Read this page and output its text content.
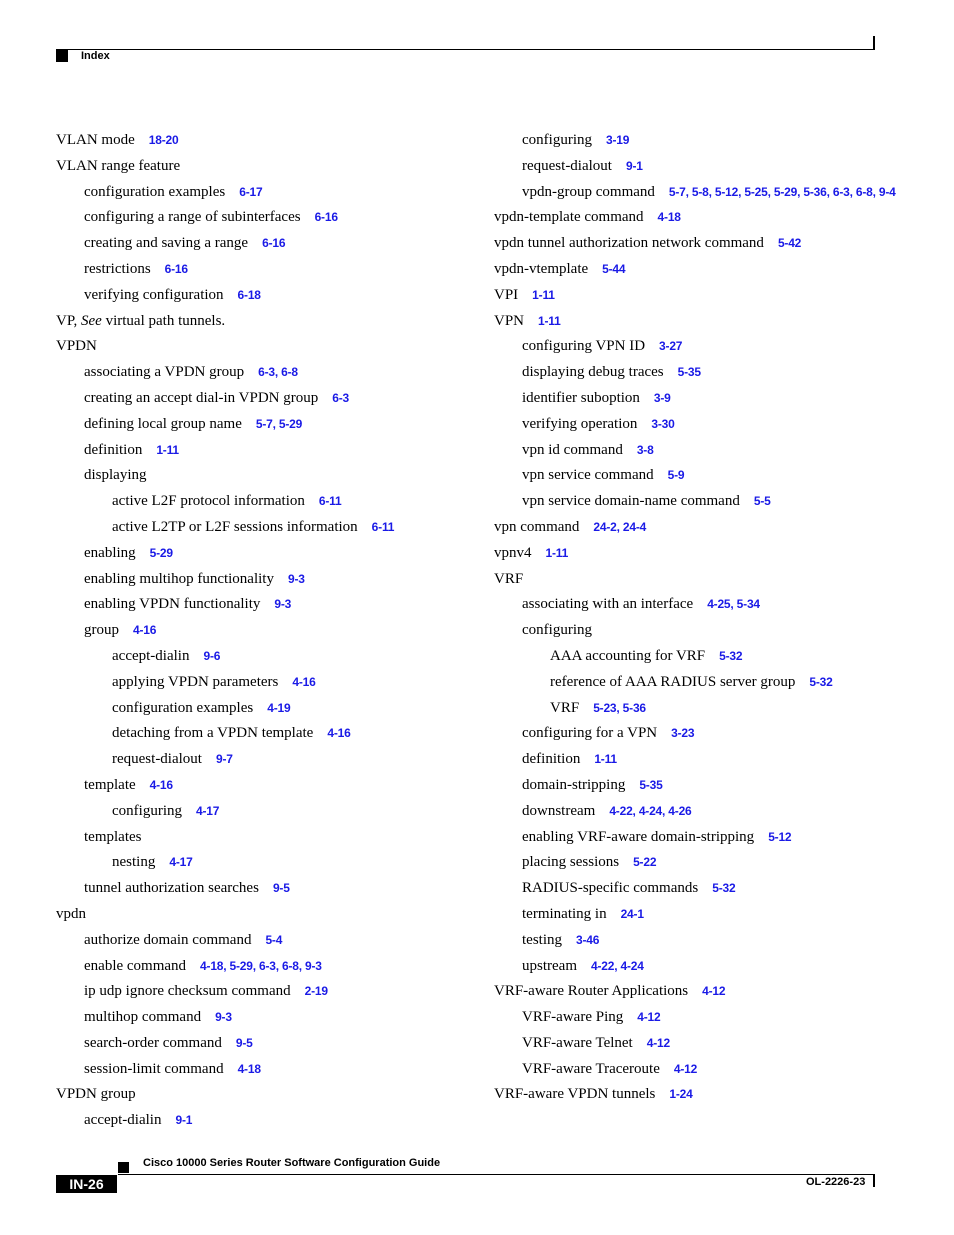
Index
VLAN mode 18-20
VLAN range feature
configuration examples 6-17
configuring a range of subinterfaces 6-16
creating and saving a range 6-16
restrictions 6-16
verifying configuration 6-18
VP, See virtual path tunnels.
VPDN
associating a VPDN group 6-3, 6-8
creating an accept dial-in VPDN group 6-3
defining local group name 5-7, 5-29
definition 1-11
displaying
active L2F protocol information 6-11
active L2TP or L2F sessions information 6-11
enabling 5-29
enabling multihop functionality 9-3
enabling VPDN functionality 9-3
group 4-16
accept-dialin 9-6
applying VPDN parameters 4-16
configuration examples 4-19
detaching from a VPDN template 4-16
request-dialout 9-7
template 4-16
configuring 4-17
templates
nesting 4-17
tunnel authorization searches 9-5
vpdn
authorize domain command 5-4
enable command 4-18, 5-29, 6-3, 6-8, 9-3
ip udp ignore checksum command 2-19
multihop command 9-3
search-order command 9-5
session-limit command 4-18
VPDN group
accept-dialin 9-1
configuring 3-19
request-dialout 9-1
vpdn-group command 5-7, 5-8, 5-12, 5-25, 5-29, 5-36, 6-3, 6-8, 9-4
vpdn-template command 4-18
vpdn tunnel authorization network command 5-42
vpdn-vtemplate 5-44
VPI 1-11
VPN 1-11
configuring VPN ID 3-27
displaying debug traces 5-35
identifier suboption 3-9
verifying operation 3-30
vpn id command 3-8
vpn service command 5-9
vpn service domain-name command 5-5
vpn command 24-2, 24-4
vpnv4 1-11
VRF
associating with an interface 4-25, 5-34
configuring
AAA accounting for VRF 5-32
reference of AAA RADIUS server group 5-32
VRF 5-23, 5-36
configuring for a VPN 3-23
definition 1-11
domain-stripping 5-35
downstream 4-22, 4-24, 4-26
enabling VRF-aware domain-stripping 5-12
placing sessions 5-22
RADIUS-specific commands 5-32
terminating in 24-1
testing 3-46
upstream 4-22, 4-24
VRF-aware Router Applications 4-12
VRF-aware Ping 4-12
VRF-aware Telnet 4-12
VRF-aware Traceroute 4-12
VRF-aware VPDN tunnels 1-24
Cisco 10000 Series Router Software Configuration Guide
IN-26	OL-2226-23
